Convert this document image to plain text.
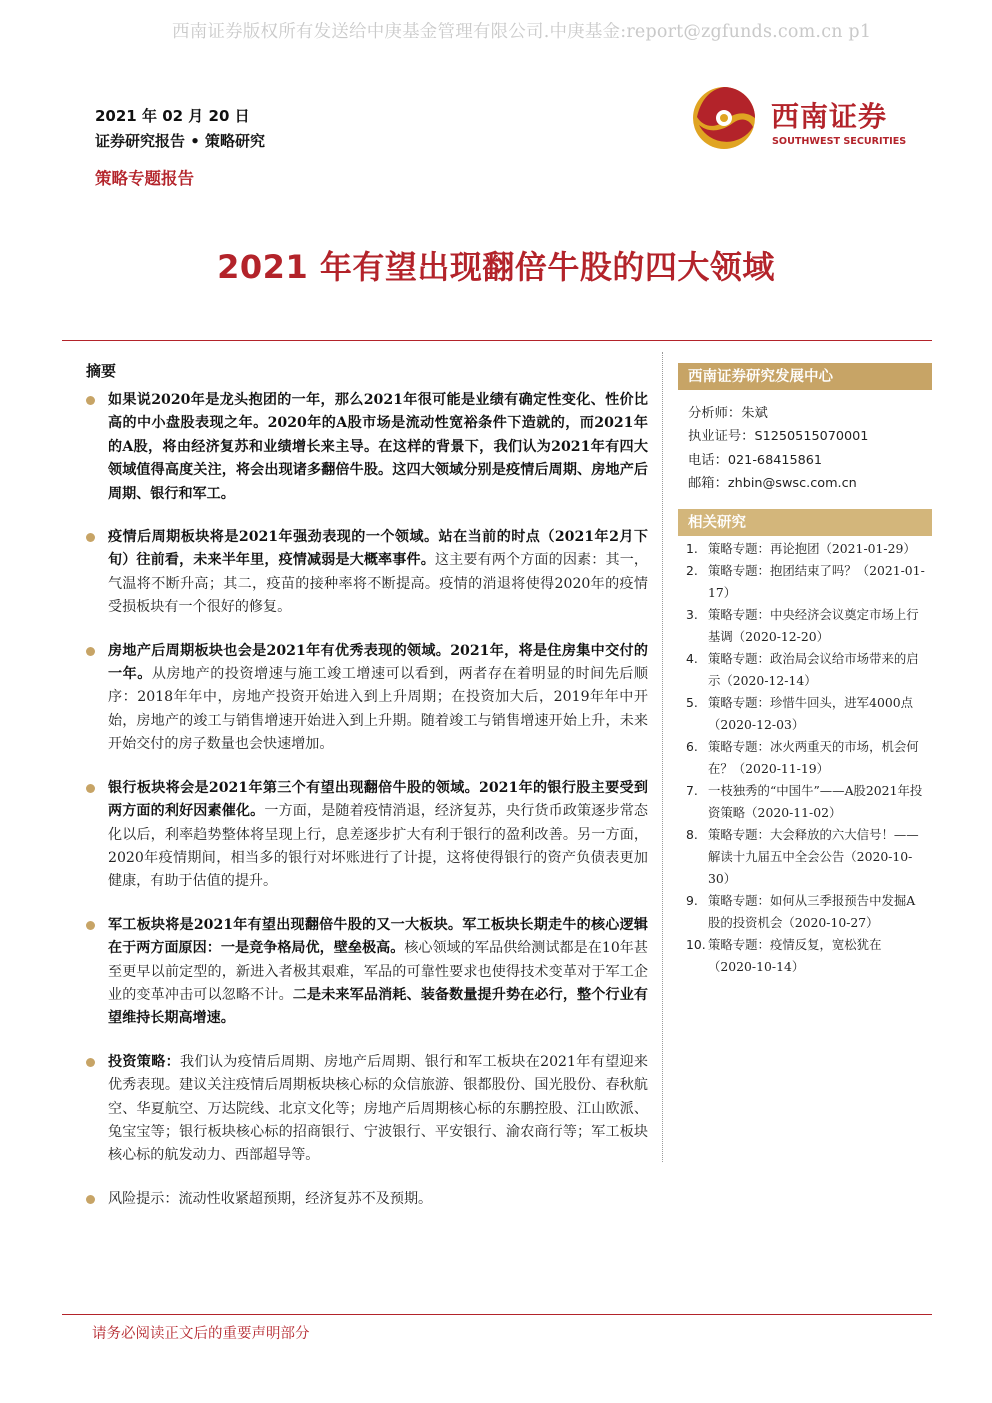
西南证券版权所有发送给中庚基金管理有限公司.中庚基金:report@zgfunds.com.cn p1
2021 年 02 月 20 日
证券研究报告 • 策略研究
策略专题报告
西南证券
SOUTHWEST SECURITIES
2021 年有望出现翻倍牛股的四大领域
摘要
如果说2020年是龙头抱团的一年，那么2021年很可能是业绩有确定性变化、性价比高的中小盘股表现之年。2020年的A股市场是流动性宽裕条件下造就的，而2021年的A股，将由经济复苏和业绩增长来主导。在这样的背景下，我们认为2021年有四大领域值得高度关注，将会出现诸多翻倍牛股。这四大领域分别是疫情后周期、房地产后周期、银行和军工。
疫情后周期板块将是2021年强劲表现的一个领域。站在当前的时点（2021年2月下旬）往前看，未来半年里，疫情减弱是大概率事件。这主要有两个方面的因素：其一，气温将不断升高；其二，疫苗的接种率将不断提高。疫情的消退将使得2020年的疫情受损板块有一个很好的修复。
房地产后周期板块也会是2021年有优秀表现的领域。2021年，将是住房集中交付的一年。从房地产的投资增速与施工竣工增速可以看到，两者存在着明显的时间先后顺序：2018年年中，房地产投资开始进入到上升周期；在投资加大后，2019年年中开始，房地产的竣工与销售增速开始进入到上升期。随着竣工与销售增速开始上升，未来开始交付的房子数量也会快速增加。
银行板块将会是2021年第三个有望出现翻倍牛股的领域。2021年的银行股主要受到两方面的利好因素催化。一方面，是随着疫情消退，经济复苏，央行货币政策逐步常态化以后，利率趋势整体将呈现上行，息差逐步扩大有利于银行的盈利改善。另一方面，2020年疫情期间，相当多的银行对坏账进行了计提，这将使得银行的资产负债表更加健康，有助于估值的提升。
军工板块将是2021年有望出现翻倍牛股的又一大板块。军工板块长期走牛的核心逻辑在于两方面原因：一是竞争格局优，壁垒极高。核心领域的军品供给测试都是在10年甚至更早以前定型的，新进入者极其艰难，军品的可靠性要求也使得技术变革对于军工企业的变革冲击可以忽略不计。二是未来军品消耗、装备数量提升势在必行，整个行业有望维持长期高增速。
投资策略：我们认为疫情后周期、房地产后周期、银行和军工板块在2021年有望迎来优秀表现。建议关注疫情后周期板块核心标的众信旅游、银都股份、国光股份、春秋航空、华夏航空、万达院线、北京文化等；房地产后周期核心标的东鹏控股、江山欧派、兔宝宝等；银行板块核心标的招商银行、宁波银行、平安银行、渝农商行等；军工板块核心标的航发动力、西部超导等。
风险提示：流动性收紧超预期，经济复苏不及预期。
西南证券研究发展中心
分析师：朱斌
执业证号：S1250515070001
电话：021-68415861
邮箱：zhbin@swsc.com.cn
相关研究
1. 策略专题：再论抱团（2021-01-29）
2. 策略专题：抱团结束了吗？（2021-01-17）
3. 策略专题：中央经济会议奠定市场上行基调（2020-12-20）
4. 策略专题：政治局会议给市场带来的启示（2020-12-14）
5. 策略专题：珍惜牛回头，进军4000点（2020-12-03）
6. 策略专题：冰火两重天的市场，机会何在？（2020-11-19）
7. 一枝独秀的“中国牛”——A股2021年投资策略（2020-11-02）
8. 策略专题：大会释放的六大信号！——解读十九届五中全会公告（2020-10-30）
9. 策略专题：如何从三季报预告中发掘A股的投资机会（2020-10-27）
10. 策略专题：疫情反复，宽松犹在（2020-10-14）
请务必阅读正文后的重要声明部分
